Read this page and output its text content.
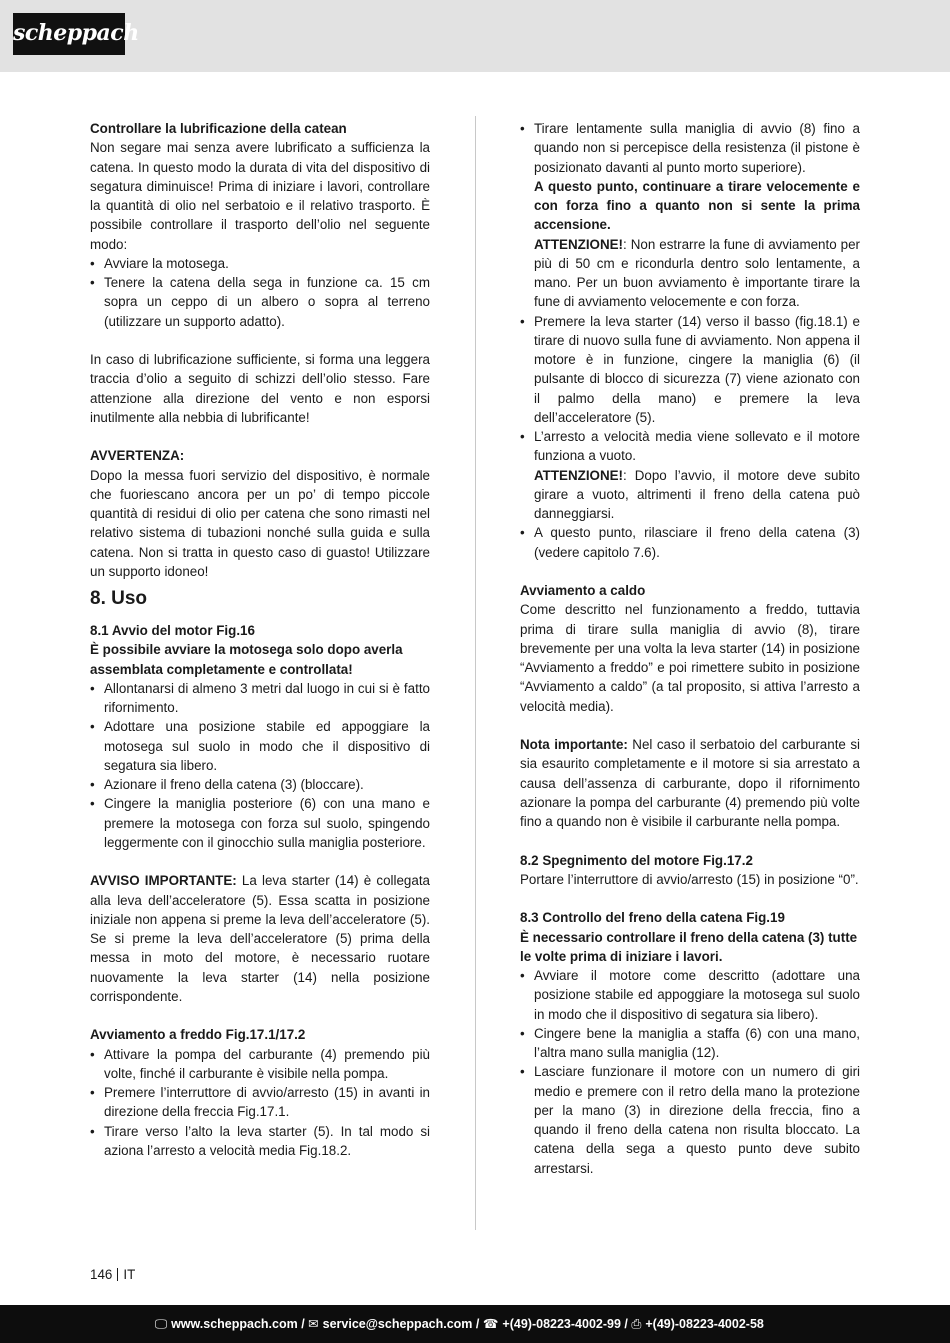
scheppach

Controllare la lubrificazione della catean

Non segare mai senza avere lubrificato a sufficienza la catena. In questo modo la durata di vita del dispositivo di segatura diminuisce! Prima di iniziare i lavori, controllare la quantità di olio nel serbatoio e il relativo trasporto. È possibile controllare il trasporto dell’olio nel seguente modo:

• Avviare la motosega.
• Tenere la catena della sega in funzione ca. 15 cm sopra un ceppo di un albero o sopra al terreno (utilizzare un supporto adatto).

In caso di lubrificazione sufficiente, si forma una leggera traccia d’olio a seguito di schizzi dell’olio stesso. Fare attenzione alla direzione del vento e non esporsi inutilmente alla nebbia di lubrificante!

AVVERTENZA:

Dopo la messa fuori servizio del dispositivo, è normale che fuoriescano ancora per un po’ di tempo piccole quantità di residui di olio per catena che sono rimasti nel relativo sistema di tubazioni nonché sulla guida e sulla catena. Non si tratta in questo caso di guasto! Utilizzare un supporto idoneo!

8. Uso

8.1 Avvio del motor Fig.16

È possibile avviare la motosega solo dopo averla assemblata completamente e controllata!

• Allontanarsi di almeno 3 metri dal luogo in cui si è fatto rifornimento.
• Adottare una posizione stabile ed appoggiare la motosega sul suolo in modo che il dispositivo di segatura sia libero.
• Azionare il freno della catena (3) (bloccare).
• Cingere la maniglia posteriore (6) con una mano e premere la motosega con forza sul suolo, spingendo leggermente con il ginocchio sulla maniglia posteriore.

AVVISO IMPORTANTE: La leva starter (14) è collegata alla leva dell’acceleratore (5). Essa scatta in posizione iniziale non appena si preme la leva dell’acceleratore (5). Se si preme la leva dell’acceleratore (5) prima della messa in moto del motore, è necessario ruotare nuovamente la leva starter (14) nella posizione corrispondente.

Avviamento a freddo Fig.17.1/17.2

• Attivare la pompa del carburante (4) premendo più volte, finché il carburante è visibile nella pompa.
• Premere l’interruttore di avvio/arresto (15) in avanti in direzione della freccia Fig.17.1.
• Tirare verso l’alto la leva starter (5). In tal modo si aziona l’arresto a velocità media Fig.18.2.
• Tirare lentamente sulla maniglia di avvio (8) fino a quando non si percepisce della resistenza (il pistone è posizionato davanti al punto morto superiore).
A questo punto, continuare a tirare velocemente e con forza fino a quanto non si sente la prima accensione.
ATTENZIONE!: Non estrarre la fune di avviamento per più di 50 cm e ricondurla dentro solo lentamente, a mano. Per un buon avviamento è importante tirare la fune di avviamento velocemente e con forza.
• Premere la leva starter (14) verso il basso (fig.18.1) e tirare di nuovo sulla fune di avviamento. Non appena il motore è in funzione, cingere la maniglia (6) (il pulsante di blocco di sicurezza (7) viene azionato con il palmo della mano) e premere la leva dell’acceleratore (5).
• L’arresto a velocità media viene sollevato e il motore funziona a vuoto.
ATTENZIONE!: Dopo l’avvio, il motore deve subito girare a vuoto, altrimenti il freno della catena può danneggiarsi.
• A questo punto, rilasciare il freno della catena (3) (vedere capitolo 7.6).

Avviamento a caldo

Come descritto nel funzionamento a freddo, tuttavia prima di tirare sulla maniglia di avvio (8), tirare brevemente per una volta la leva starter (14) in posizione “Avviamento a freddo” e poi rimettere subito in posizione “Avviamento a caldo” (a tal proposito, si attiva l’arresto a velocità media).

Nota importante: Nel caso il serbatoio del carburante si sia esaurito completamente e il motore si sia arrestato a causa dell’assenza di carburante, dopo il rifornimento azionare la pompa del carburante (4) premendo più volte fino a quando non è visibile il carburante nella pompa.

8.2 Spegnimento del motore Fig.17.2

Portare l’interruttore di avvio/arresto (15) in posizione “0”.

8.3 Controllo del freno della catena Fig.19

È necessario controllare il freno della catena (3) tutte le volte prima di iniziare i lavori.

• Avviare il motore come descritto (adottare una posizione stabile ed appoggiare la motosega sul suolo in modo che il dispositivo di segatura sia libero).
• Cingere bene la maniglia a staffa (6) con una mano, l’altra mano sulla maniglia (12).
• Lasciare funzionare il motore con un numero di giri medio e premere con il retro della mano la protezione per la mano (3) in direzione della freccia, fino a quando il freno della catena non risulta bloccato. La catena della sega a questo punto deve subito arrestarsi.
146 IT
🖵 www.scheppach.com / ✉ service@scheppach.com / ☎ +(49)-08223-4002-99 / ⎙ +(49)-08223-4002-58
